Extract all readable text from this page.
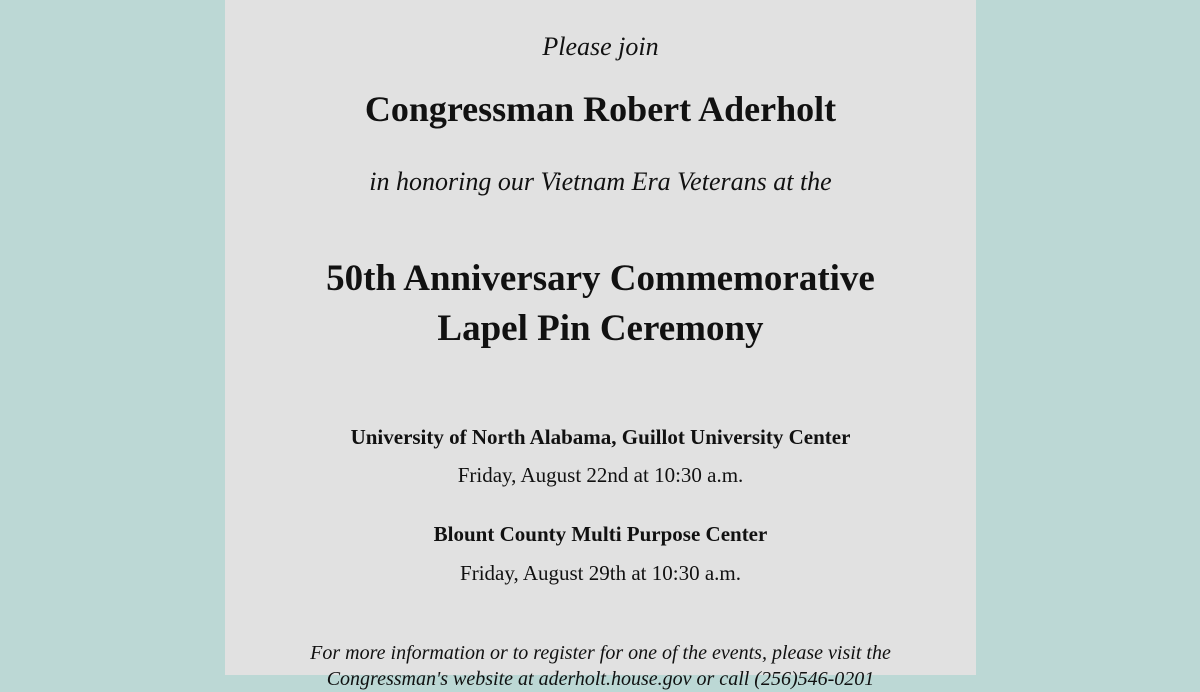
Please join
Congressman Robert Aderholt
in honoring our Vietnam Era Veterans at the
50th Anniversary Commemorative
Lapel Pin Ceremony
University of North Alabama, Guillot University Center
Friday, August 22nd at 10:30 a.m.
Blount County Multi Purpose Center
Friday, August 29th at 10:30 a.m.
For more information or to register for one of the events, please visit the
Congressman's website at aderholt.house.gov or call (256)546-0201
